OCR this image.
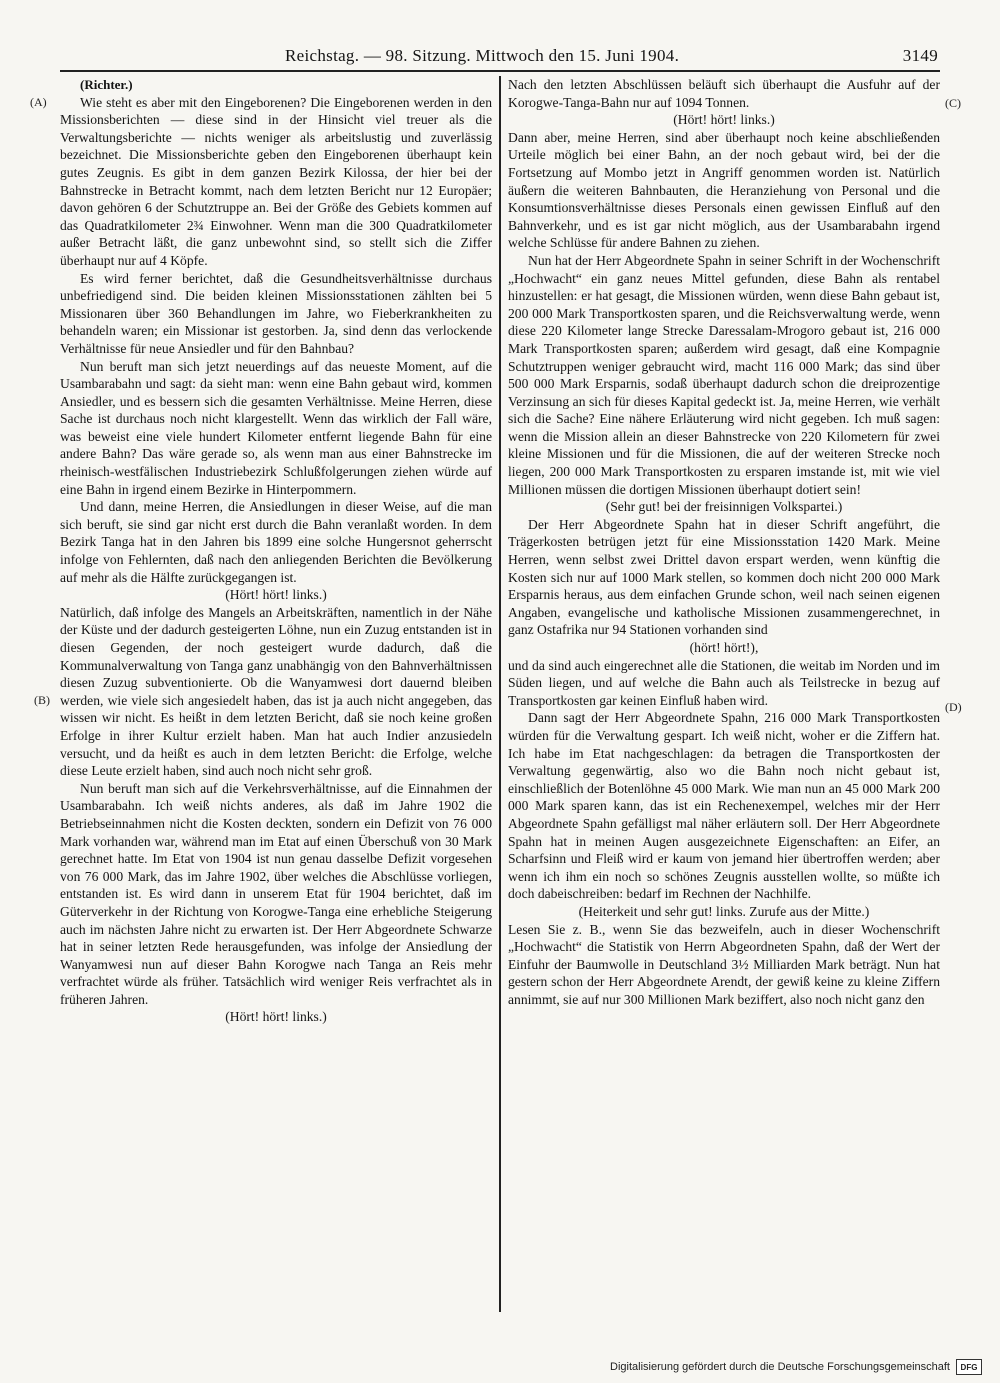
Reichstag. — 98. Sitzung. Mittwoch den 15. Juni 1904.	3149
(A)
(B)
(C)
(D)

(Richter.)

Wie steht es aber mit den Eingeborenen? Die Eingeborenen werden in den Missionsberichten — diese sind in der Hinsicht viel treuer als die Verwaltungsberichte — nichts weniger als arbeitslustig und zuverlässig bezeichnet. Die Missionsberichte geben den Eingeborenen überhaupt kein gutes Zeugnis. Es gibt in dem ganzen Bezirk Kilossa, der hier bei der Bahnstrecke in Betracht kommt, nach dem letzten Bericht nur 12 Europäer; davon gehören 6 der Schutztruppe an. Bei der Größe des Gebiets kommen auf das Quadratkilometer 2¾ Einwohner. Wenn man die 300 Quadratkilometer außer Betracht läßt, die ganz unbewohnt sind, so stellt sich die Ziffer überhaupt nur auf 4 Köpfe.

Es wird ferner berichtet, daß die Gesundheitsverhältnisse durchaus unbefriedigend sind. Die beiden kleinen Missionsstationen zählten bei 5 Missionaren über 360 Behandlungen im Jahre, wo Fieberkrankheiten zu behandeln waren; ein Missionar ist gestorben. Ja, sind denn das verlockende Verhältnisse für neue Ansiedler und für den Bahnbau?

Nun beruft man sich jetzt neuerdings auf das neueste Moment, auf die Usambarabahn und sagt: da sieht man: wenn eine Bahn gebaut wird, kommen Ansiedler, und es bessern sich die gesamten Verhältnisse. Meine Herren, diese Sache ist durchaus noch nicht klargestellt. Wenn das wirklich der Fall wäre, was beweist eine viele hundert Kilometer entfernt liegende Bahn für eine andere Bahn? Das wäre gerade so, als wenn man aus einer Bahnstrecke im rheinisch-westfälischen Industriebezirk Schlußfolgerungen ziehen würde auf eine Bahn in irgend einem Bezirke in Hinterpommern.

Und dann, meine Herren, die Ansiedlungen in dieser Weise, auf die man sich beruft, sie sind gar nicht erst durch die Bahn veranlaßt worden. In dem Bezirk Tanga hat in den Jahren bis 1899 eine solche Hungersnot geherrscht infolge von Fehlernten, daß nach den anliegenden Berichten die Bevölkerung auf mehr als die Hälfte zurückgegangen ist.

(Hört! hört! links.)

Natürlich, daß infolge des Mangels an Arbeitskräften, namentlich in der Nähe der Küste und der dadurch gesteigerten Löhne, nun ein Zuzug entstanden ist in diesen Gegenden, der noch gesteigert wurde dadurch, daß die Kommunalverwaltung von Tanga ganz unabhängig von den Bahnverhältnissen diesen Zuzug subventionierte. Ob die Wanyamwesi dort dauernd bleiben werden, wie viele sich angesiedelt haben, das ist ja auch nicht angegeben, das wissen wir nicht. Es heißt in dem letzten Bericht, daß sie noch keine großen Erfolge in ihrer Kultur erzielt haben. Man hat auch Indier anzusiedeln versucht, und da heißt es auch in dem letzten Bericht: die Erfolge, welche diese Leute erzielt haben, sind auch noch nicht sehr groß.

Nun beruft man sich auf die Verkehrsverhältnisse, auf die Einnahmen der Usambarabahn. Ich weiß nichts anderes, als daß im Jahre 1902 die Betriebseinnahmen nicht die Kosten deckten, sondern ein Defizit von 76 000 Mark vorhanden war, während man im Etat auf einen Überschuß von 30 Mark gerechnet hatte. Im Etat von 1904 ist nun genau dasselbe Defizit vorgesehen von 76 000 Mark, das im Jahre 1902, über welches die Abschlüsse vorliegen, entstanden ist. Es wird dann in unserem Etat für 1904 berichtet, daß im Güterverkehr in der Richtung von Korogwe-Tanga eine erhebliche Steigerung auch im nächsten Jahre nicht zu erwarten ist. Der Herr Abgeordnete Schwarze hat in seiner letzten Rede herausgefunden, was infolge der Ansiedlung der Wanyamwesi nun auf dieser Bahn Korogwe nach Tanga an Reis mehr verfrachtet würde als früher. Tatsächlich wird weniger Reis verfrachtet als in früheren Jahren.

(Hört! hört! links.)

Nach den letzten Abschlüssen beläuft sich überhaupt die Ausfuhr auf der Korogwe-Tanga-Bahn nur auf 1094 Tonnen.

(Hört! hört! links.)

Dann aber, meine Herren, sind aber überhaupt noch keine abschließenden Urteile möglich bei einer Bahn, an der noch gebaut wird, bei der die Fortsetzung auf Mombo jetzt in Angriff genommen worden ist. Natürlich äußern die weiteren Bahnbauten, die Heranziehung von Personal und die Konsumtionsverhältnisse dieses Personals einen gewissen Einfluß auf den Bahnverkehr, und es ist gar nicht möglich, aus der Usambarabahn irgend welche Schlüsse für andere Bahnen zu ziehen.

Nun hat der Herr Abgeordnete Spahn in seiner Schrift in der Wochenschrift „Hochwacht“ ein ganz neues Mittel gefunden, diese Bahn als rentabel hinzustellen: er hat gesagt, die Missionen würden, wenn diese Bahn gebaut ist, 200 000 Mark Transportkosten sparen, und die Reichsverwaltung werde, wenn diese 220 Kilometer lange Strecke Daressalam-Mrogoro gebaut ist, 216 000 Mark Transportkosten sparen; außerdem wird gesagt, daß eine Kompagnie Schutztruppen weniger gebraucht wird, macht 116 000 Mark; das sind über 500 000 Mark Ersparnis, sodaß überhaupt dadurch schon die dreiprozentige Verzinsung an sich für dieses Kapital gedeckt ist. Ja, meine Herren, wie verhält sich die Sache? Eine nähere Erläuterung wird nicht gegeben. Ich muß sagen: wenn die Mission allein an dieser Bahnstrecke von 220 Kilometern für zwei kleine Missionen und für die Missionen, die auf der weiteren Strecke noch liegen, 200 000 Mark Transportkosten zu ersparen imstande ist, mit wie viel Millionen müssen die dortigen Missionen überhaupt dotiert sein!

(Sehr gut! bei der freisinnigen Volkspartei.)

Der Herr Abgeordnete Spahn hat in dieser Schrift angeführt, die Trägerkosten betrügen jetzt für eine Missionsstation 1420 Mark. Meine Herren, wenn selbst zwei Drittel davon erspart werden, wenn künftig die Kosten sich nur auf 1000 Mark stellen, so kommen doch nicht 200 000 Mark Ersparnis heraus, aus dem einfachen Grunde schon, weil nach seinen eigenen Angaben, evangelische und katholische Missionen zusammengerechnet, in ganz Ostafrika nur 94 Stationen vorhanden sind

(hört! hört!),

und da sind auch eingerechnet alle die Stationen, die weitab im Norden und im Süden liegen, und auf welche die Bahn auch als Teilstrecke in bezug auf Transportkosten gar keinen Einfluß haben wird.

Dann sagt der Herr Abgeordnete Spahn, 216 000 Mark Transportkosten würden für die Verwaltung gespart. Ich weiß nicht, woher er die Ziffern hat. Ich habe im Etat nachgeschlagen: da betragen die Transportkosten der Verwaltung gegenwärtig, also wo die Bahn noch nicht gebaut ist, einschließlich der Botenlöhne 45 000 Mark. Wie man nun an 45 000 Mark 200 000 Mark sparen kann, das ist ein Rechenexempel, welches mir der Herr Abgeordnete Spahn gefälligst mal näher erläutern soll. Der Herr Abgeordnete Spahn hat in meinen Augen ausgezeichnete Eigenschaften: an Eifer, an Scharfsinn und Fleiß wird er kaum von jemand hier übertroffen werden; aber wenn ich ihm ein noch so schönes Zeugnis ausstellen wollte, so müßte ich doch dabeischreiben: bedarf im Rechnen der Nachhilfe.

(Heiterkeit und sehr gut! links. Zurufe aus der Mitte.)

Lesen Sie z. B., wenn Sie das bezweifeln, auch in dieser Wochenschrift „Hochwacht“ die Statistik von Herrn Abgeordneten Spahn, daß der Wert der Einfuhr der Baumwolle in Deutschland 3½ Milliarden Mark beträgt. Nun hat gestern schon der Herr Abgeordnete Arendt, der gewiß keine zu kleine Ziffern annimmt, sie auf nur 300 Millionen Mark beziffert, also noch nicht ganz den

Digitalisierung gefördert durch die Deutsche Forschungsgemeinschaft	DFG
